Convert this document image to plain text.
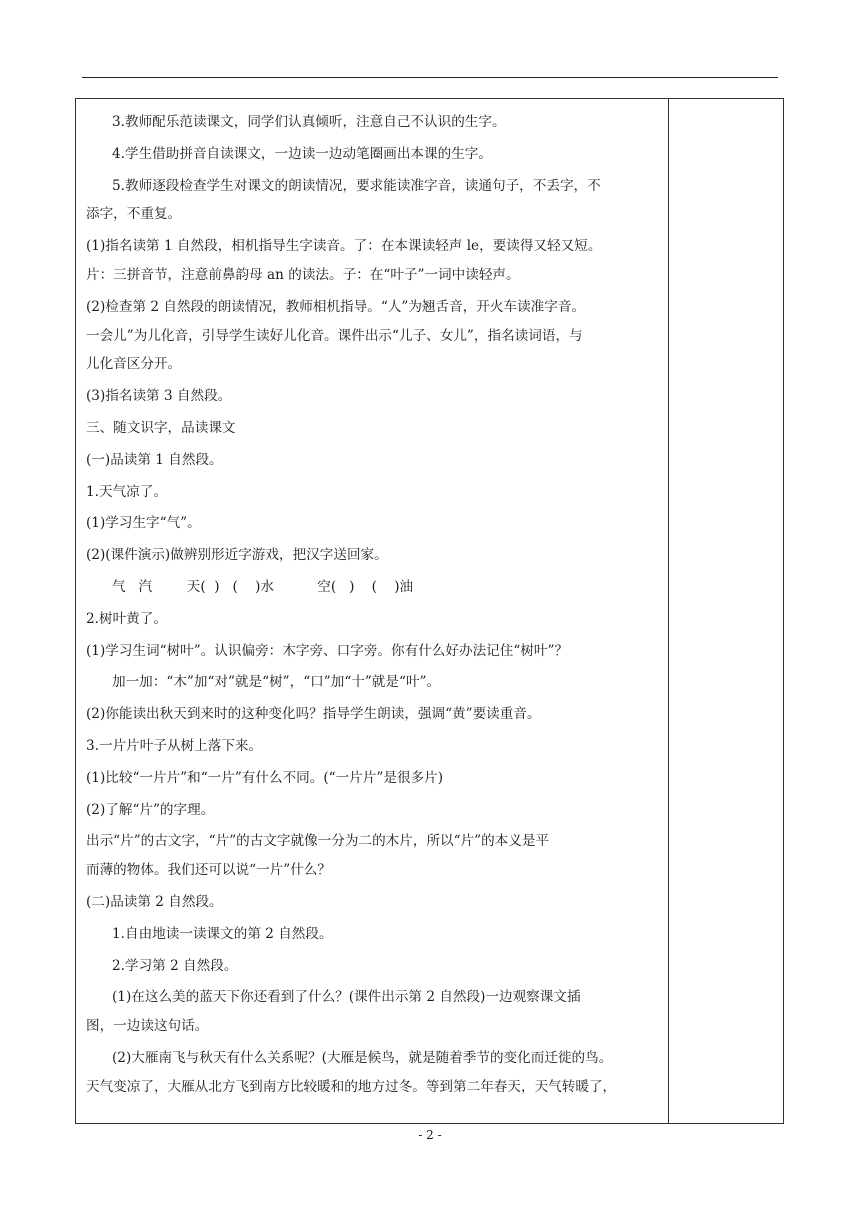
3.教师配乐范读课文，同学们认真倾听，注意自己不认识的生字。

4.学生借助拼音自读课文，一边读一边动笔圈画出本课的生字。

5.教师逐段检查学生对课文的朗读情况，要求能读准字音，读通句子，不丢字，不

添字，不重复。

(1)指名读第 1 自然段，相机指导生字读音。了：在本课读轻声 le，要读得又轻又短。

片：三拼音节，注意前鼻韵母 an 的读法。子：在“叶子”一词中读轻声。

(2)检查第 2 自然段的朗读情况，教师相机指导。“人”为翘舌音，开火车读准字音。

一会儿”为儿化音，引导学生读好儿化音。课件出示“儿子、女儿”，指名读词语，与

儿化音区分开。

(3)指名读第 3 自然段。

三、随文识字，品读课文

(一)品读第 1 自然段。

1.天气凉了。

(1)学习生字“气”。

(2)(课件演示)做辨别形近字游戏，把汉字送回家。

气   汽        天(  )   (    )水          空(   )    (    )油

2.树叶黄了。

(1)学习生词“树叶”。认识偏旁：木字旁、口字旁。你有什么好办法记住“树叶”？

加一加：“木”加“对”就是“树”，“口”加“十”就是“叶”。

(2)你能读出秋天到来时的这种变化吗？指导学生朗读，强调“黄”要读重音。

3.一片片叶子从树上落下来。

(1)比较“一片片”和“一片”有什么不同。(“一片片”是很多片)

(2)了解“片”的字理。

出示“片”的古文字，“片”的古文字就像一分为二的木片，所以“片”的本义是平

而薄的物体。我们还可以说“一片”什么？

(二)品读第 2 自然段。

1.自由地读一读课文的第 2 自然段。

2.学习第 2 自然段。

(1)在这么美的蓝天下你还看到了什么？(课件出示第 2 自然段)一边观察课文插

图，一边读这句话。

(2)大雁南飞与秋天有什么关系呢？(大雁是候鸟，就是随着季节的变化而迁徙的鸟。

天气变凉了，大雁从北方飞到南方比较暖和的地方过冬。等到第二年春天，天气转暖了，

- 2 -
